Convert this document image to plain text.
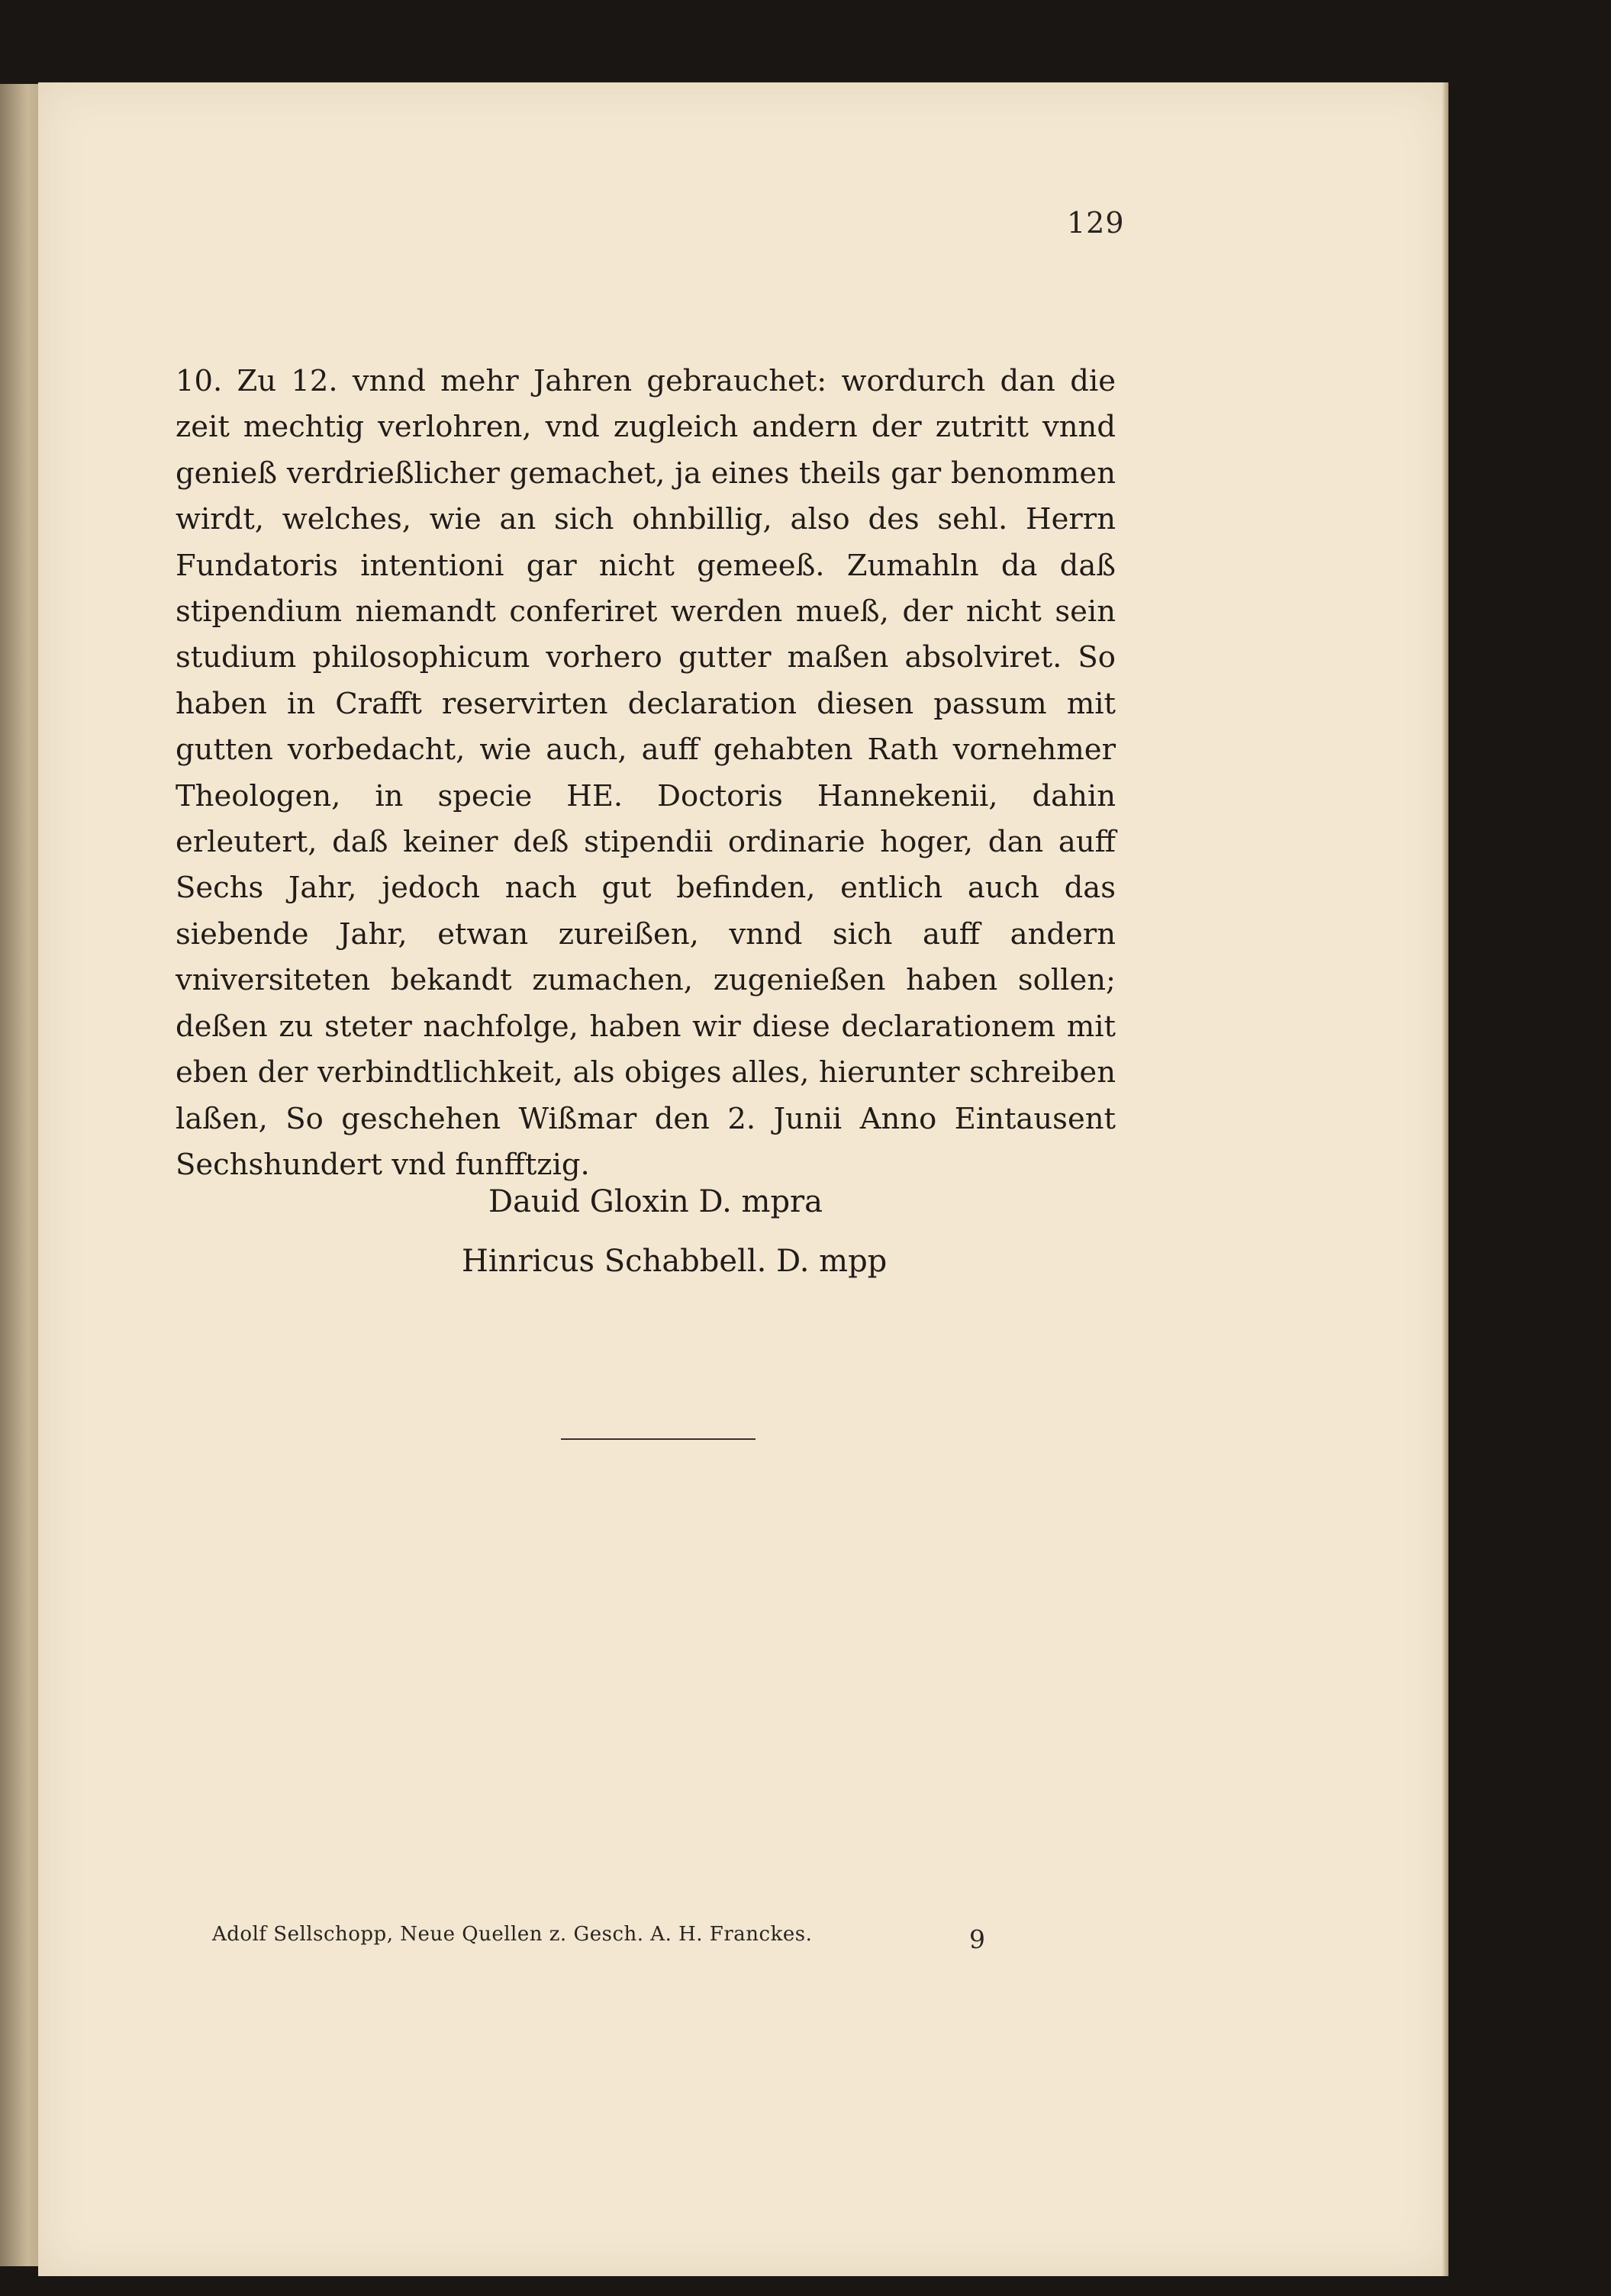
129

10. Zu 12. vnnd mehr Jahren gebrauchet: wordurch dan die zeit mechtig verlohren, vnd zugleich andern der zutritt vnnd genieß verdrießlicher gemachet, ja eines theils gar benommen wirdt, welches, wie an sich ohnbillig, also des sehl. Herrn Fundatoris intentioni gar nicht gemeeß. Zumahln da daß stipendium niemandt conferiret werden mueß, der nicht sein studium philosophicum vorhero gutter maßen absolviret. So haben in Crafft reservirten declaration diesen passum mit gutten vorbedacht, wie auch, auff gehabten Rath vornehmer Theologen, in specie HE. Doctoris Hannekenii, dahin erleutert, daß keiner deß stipendii ordinarie hoger, dan auff Sechs Jahr, jedoch nach gut befinden, entlich auch das siebende Jahr, etwan zureißen, vnnd sich auff andern vniversiteten bekandt zumachen, zugenießen haben sollen; deßen zu steter nachfolge, haben wir diese declarationem mit eben der verbindtlichkeit, als obiges alles, hierunter schreiben laßen, So geschehen Wißmar den 2. Junii Anno Eintausent Sechshundert vnd funfftzig.

Dauid Gloxin D. mpra
Hinricus Schabbell. D. mpp
Adolf Sellschopp, Neue Quellen z. Gesch. A. H. Franckes.	9
